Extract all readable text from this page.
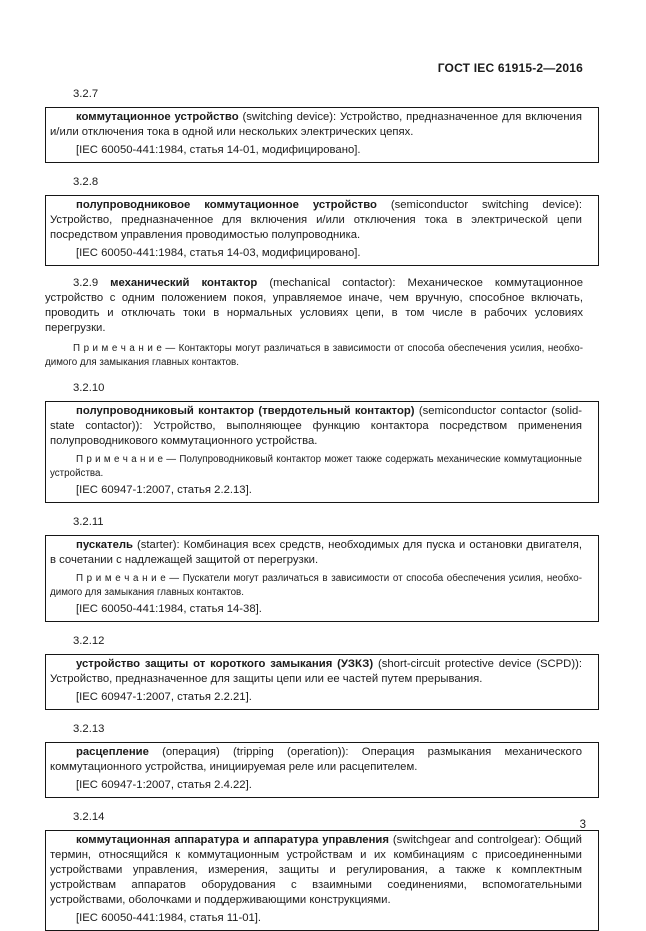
ГОСТ IEC 61915-2—2016

3.2.7

коммутационное устройство (switching device): Устройство, предназначенное для включения и/или отключения тока в одной или нескольких электрических цепях.

[IEC 60050-441:1984, статья 14-01, модифицировано].

3.2.8

полупроводниковое коммутационное устройство (semiconductor switching device): Устройство, предназначенное для включения и/или отключения тока в электрической цепи посредством управления проводимостью полупроводника.

[IEC 60050-441:1984, статья 14-03, модифицировано].

3.2.9 механический контактор (mechanical contactor): Механическое коммутационное устройство с одним положением покоя, управляемое иначе, чем вручную, способное включать, проводить и отключать токи в нормальных условиях цепи, в том числе в рабочих условиях перегрузки.

П р и м е ч а н и е — Контакторы могут различаться в зависимости от способа обеспечения усилия, необходимого для замыкания главных контактов.

3.2.10

полупроводниковый контактор (твердотельный контактор) (semiconductor contactor (solid-state contactor)): Устройство, выполняющее функцию контактора посредством применения полупроводникового коммутационного устройства.

П р и м е ч а н и е — Полупроводниковый контактор может также содержать механические коммутационные устройства.

[IEC 60947-1:2007, статья 2.2.13].

3.2.11

пускатель (starter): Комбинация всех средств, необходимых для пуска и остановки двигателя, в сочетании с надлежащей защитой от перегрузки.

П р и м е ч а н и е — Пускатели могут различаться в зависимости от способа обеспечения усилия, необходимого для замыкания главных контактов.

[IEC 60050-441:1984, статья 14-38].

3.2.12

устройство защиты от короткого замыкания (УЗКЗ) (short-circuit protective device (SCPD)): Устройство, предназначенное для защиты цепи или ее частей путем прерывания.

[IEC 60947-1:2007, статья 2.2.21].

3.2.13

расцепление (операция) (tripping (operation)): Операция размыкания механического коммутационного устройства, инициируемая реле или расцепителем.

[IEC 60947-1:2007, статья 2.4.22].

3.2.14

коммутационная аппаратура и аппаратура управления (switchgear and controlgear): Общий термин, относящийся к коммутационным устройствам и их комбинациям с присоединенными устройствами управления, измерения, защиты и регулирования, а также к комплектным устройствам аппаратов оборудования с взаимными соединениями, вспомогательными устройствами, оболочками и поддерживающими конструкциями.

[IEC 60050-441:1984, статья 11-01].

3
